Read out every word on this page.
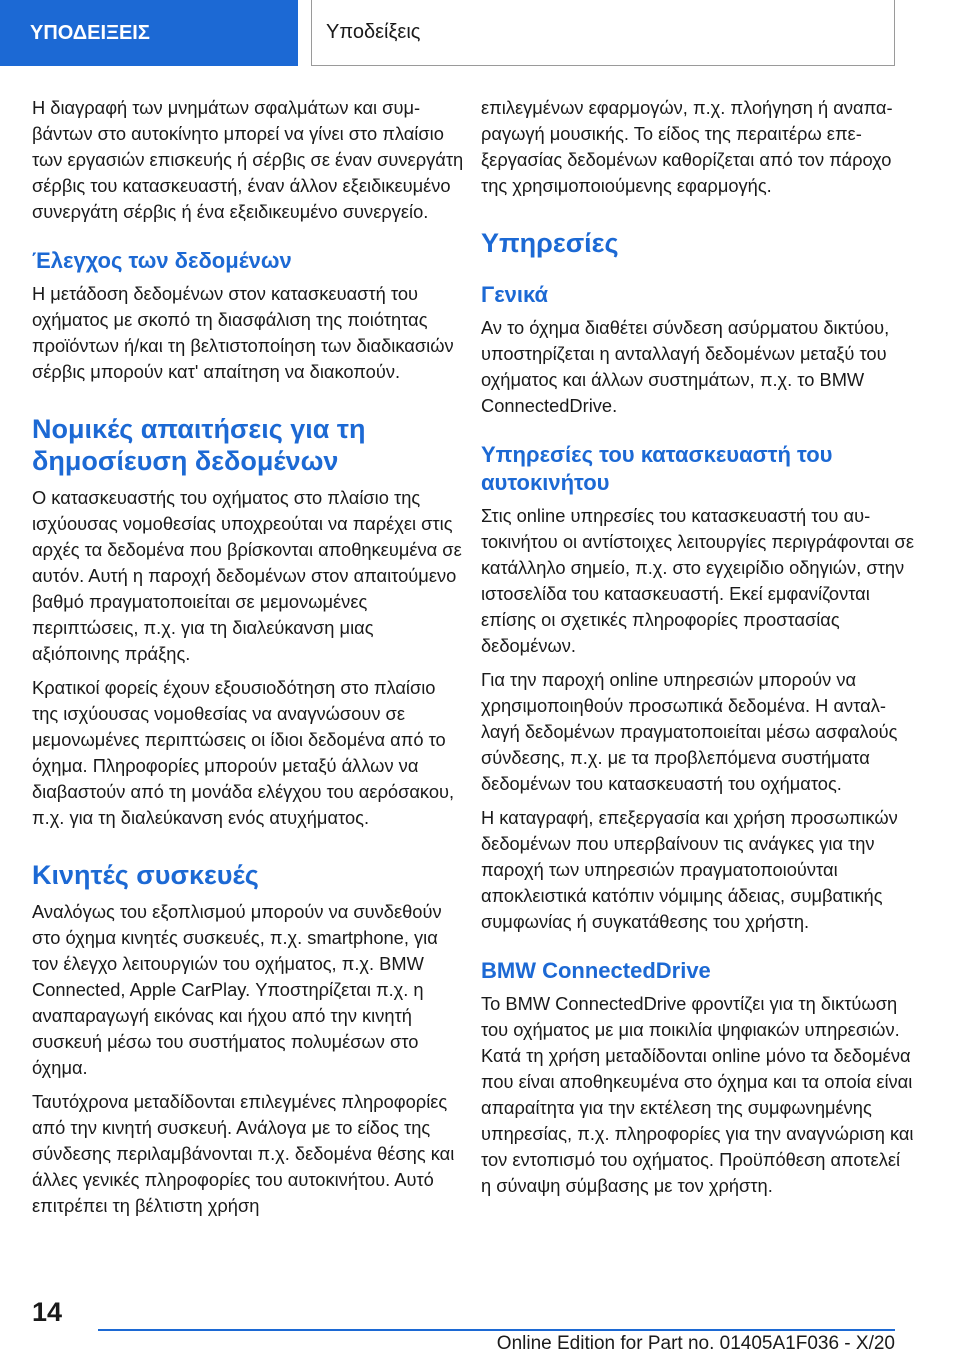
ΥΠΟΔΕΙΞΕΙΣ	Υποδείξεις

Η διαγραφή των μνημάτων σφαλμάτων και συμβάντων στο αυτοκίνητο μπορεί να γίνει στο πλαίσιο των εργασιών επισκευής ή σέρβις σε έναν συνεργάτη σέρβις του κατασκευαστή, έναν άλλον εξειδικευμένο συνεργάτη σέρβις ή ένα εξειδικευμένο συνεργείο.

Έλεγχος των δεδομένων

Η μετάδοση δεδομένων στον κατασκευαστή του οχήματος με σκοπό τη διασφάλιση της ποιότητας προϊόντων ή/και τη βελτιστοποίηση των διαδικασιών σέρβις μπορούν κατ' απαίτηση να διακοπούν.

Νομικές απαιτήσεις για τη δημοσίευση δεδομένων

Ο κατασκευαστής του οχήματος στο πλαίσιο της ισχύουσας νομοθεσίας υποχρεούται να παρέχει στις αρχές τα δεδομένα που βρίσκονται αποθηκευμένα σε αυτόν. Αυτή η παροχή δεδομένων στον απαιτούμενο βαθμό πραγματοποιείται σε μεμονωμένες περιπτώσεις, π.χ. για τη διαλεύκανση μιας αξιόποινης πράξης.

Κρατικοί φορείς έχουν εξουσιοδότηση στο πλαίσιο της ισχύουσας νομοθεσίας να αναγνώσουν σε μεμονωμένες περιπτώσεις οι ίδιοι δεδομένα από το όχημα. Πληροφορίες μπορούν μεταξύ άλλων να διαβαστούν από τη μονάδα ελέγχου του αερόσακου, π.χ. για τη διαλεύκανση ενός ατυχήματος.

Κινητές συσκευές

Αναλόγως του εξοπλισμού μπορούν να συνδεθούν στο όχημα κινητές συσκευές, π.χ. smartphone, για τον έλεγχο λειτουργιών του οχήματος, π.χ. BMW Connected, Apple CarPlay. Υποστηρίζεται π.χ. η αναπαραγωγή εικόνας και ήχου από την κινητή συσκευή μέσω του συστήματος πολυμέσων στο όχημα.

Ταυτόχρονα μεταδίδονται επιλεγμένες πληροφορίες από την κινητή συσκευή. Ανάλογα με το είδος της σύνδεσης περιλαμβάνονται π.χ. δεδομένα θέσης και άλλες γενικές πληροφορίες του αυτοκινήτου. Αυτό επιτρέπει τη βέλτιστη χρήση

επιλεγμένων εφαρμογών, π.χ. πλοήγηση ή αναπαραγωγή μουσικής. Το είδος της περαιτέρω επεξεργασίας δεδομένων καθορίζεται από τον πάροχο της χρησιμοποιούμενης εφαρμογής.

Υπηρεσίες
Γενικά

Αν το όχημα διαθέτει σύνδεση ασύρματου δικτύου, υποστηρίζεται η ανταλλαγή δεδομένων μεταξύ του οχήματος και άλλων συστημάτων, π.χ. το BMW ConnectedDrive.

Υπηρεσίες του κατασκευαστή του αυτοκινήτου

Στις online υπηρεσίες του κατασκευαστή του αυτοκινήτου οι αντίστοιχες λειτουργίες περιγράφονται σε κατάλληλο σημείο, π.χ. στο εγχειρίδιο οδηγιών, στην ιστοσελίδα του κατασκευαστή. Εκεί εμφανίζονται επίσης οι σχετικές πληροφορίες προστασίας δεδομένων.

Για την παροχή online υπηρεσιών μπορούν να χρησιμοποιηθούν προσωπικά δεδομένα. Η ανταλλαγή δεδομένων πραγματοποιείται μέσω ασφαλούς σύνδεσης, π.χ. με τα προβλεπόμενα συστήματα δεδομένων του κατασκευαστή του οχήματος.

Η καταγραφή, επεξεργασία και χρήση προσωπικών δεδομένων που υπερβαίνουν τις ανάγκες για την παροχή των υπηρεσιών πραγματοποιούνται αποκλειστικά κατόπιν νόμιμης άδειας, συμβατικής συμφωνίας ή συγκατάθεσης του χρήστη.

BMW ConnectedDrive

Το BMW ConnectedDrive φροντίζει για τη δικτύωση του οχήματος με μια ποικιλία ψηφιακών υπηρεσιών. Κατά τη χρήση μεταδίδονται online μόνο τα δεδομένα που είναι αποθηκευμένα στο όχημα και τα οποία είναι απαραίτητα για την εκτέλεση της συμφωνημένης υπηρεσίας, π.χ. πληροφορίες για την αναγνώριση και τον εντοπισμό του οχήματος. Προϋπόθεση αποτελεί η σύναψη σύμβασης με τον χρήστη.

14
Online Edition for Part no. 01405A1F036 - X/20
